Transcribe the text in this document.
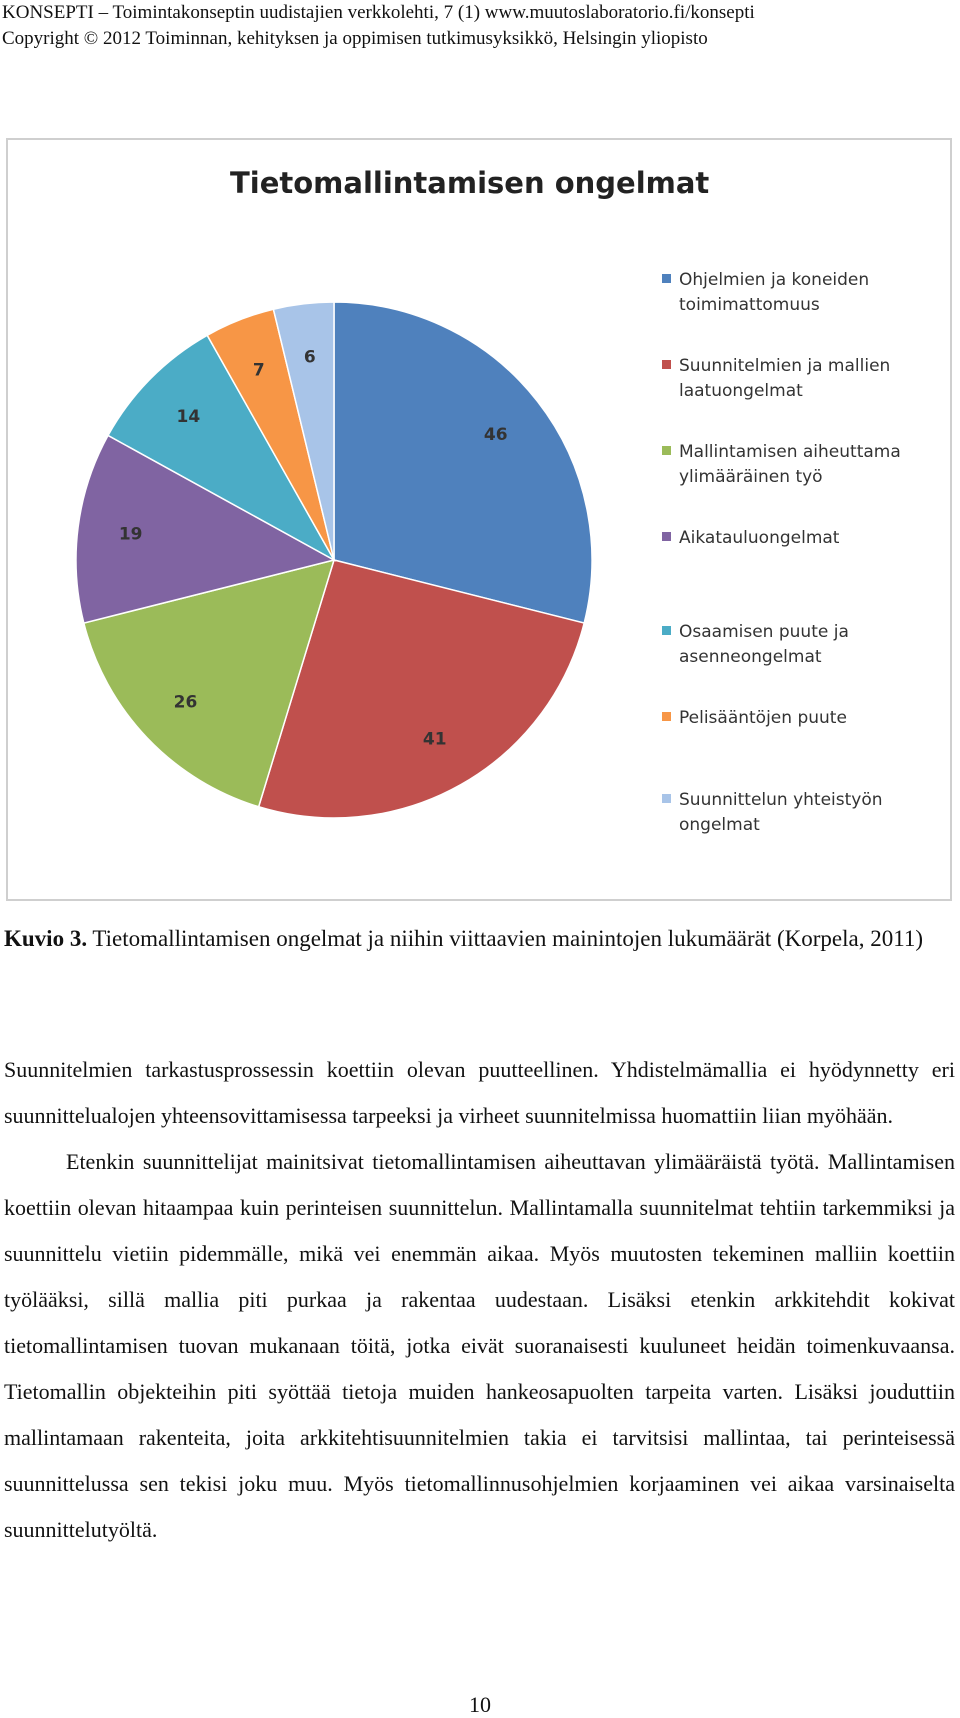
KONSEPTI – Toimintakonseptin uudistajien verkkolehti, 7 (1) www.muutoslaboratorio.fi/konsepti
Copyright © 2012 Toiminnan, kehityksen ja oppimisen tutkimusyksikkö, Helsingin yliopisto
46
41
26
19
14
7
6
Tietomallintamisen ongelmat
Ohjelmien ja koneiden toimimattomuus
Suunnitelmien ja mallien laatuongelmat
Mallintamisen aiheuttama ylimääräinen työ
Aikatauluongelmat
Osaamisen puute ja asenneongelmat
Pelisääntöjen puute
Suunnittelun yhteistyön ongelmat
Kuvio 3. Tietomallintamisen ongelmat ja niihin viittaavien mainintojen lukumäärät (Korpela, 2011)

Suunnitelmien tarkastusprossessin koettiin olevan puutteellinen. Yhdistelmämallia ei hyödynnetty eri suunnittelualojen yhteensovittamisessa tarpeeksi ja virheet suunnitelmissa huomattiin liian myöhään.

Etenkin suunnittelijat mainitsivat tietomallintamisen aiheuttavan ylimääräistä työtä. Mallintamisen koettiin olevan hitaampaa kuin perinteisen suunnittelun. Mallintamalla suunnitelmat tehtiin tarkemmiksi ja suunnittelu vietiin pidemmälle, mikä vei enemmän aikaa. Myös muutosten tekeminen malliin koettiin työlääksi, sillä mallia piti purkaa ja rakentaa uudestaan. Lisäksi etenkin arkkitehdit kokivat tietomallintamisen tuovan mukanaan töitä, jotka eivät suoranaisesti kuuluneet heidän toimenkuvaansa. Tietomallin objekteihin piti syöttää tietoja muiden hankeosapuolten tarpeita varten. Lisäksi jouduttiin mallintamaan rakenteita, joita arkkitehtisuunnitelmien takia ei tarvitsisi mallintaa, tai perinteisessä suunnittelussa sen tekisi joku muu. Myös tietomallinnusohjelmien korjaaminen vei aikaa varsinaiselta suunnittelutyöltä.

10
